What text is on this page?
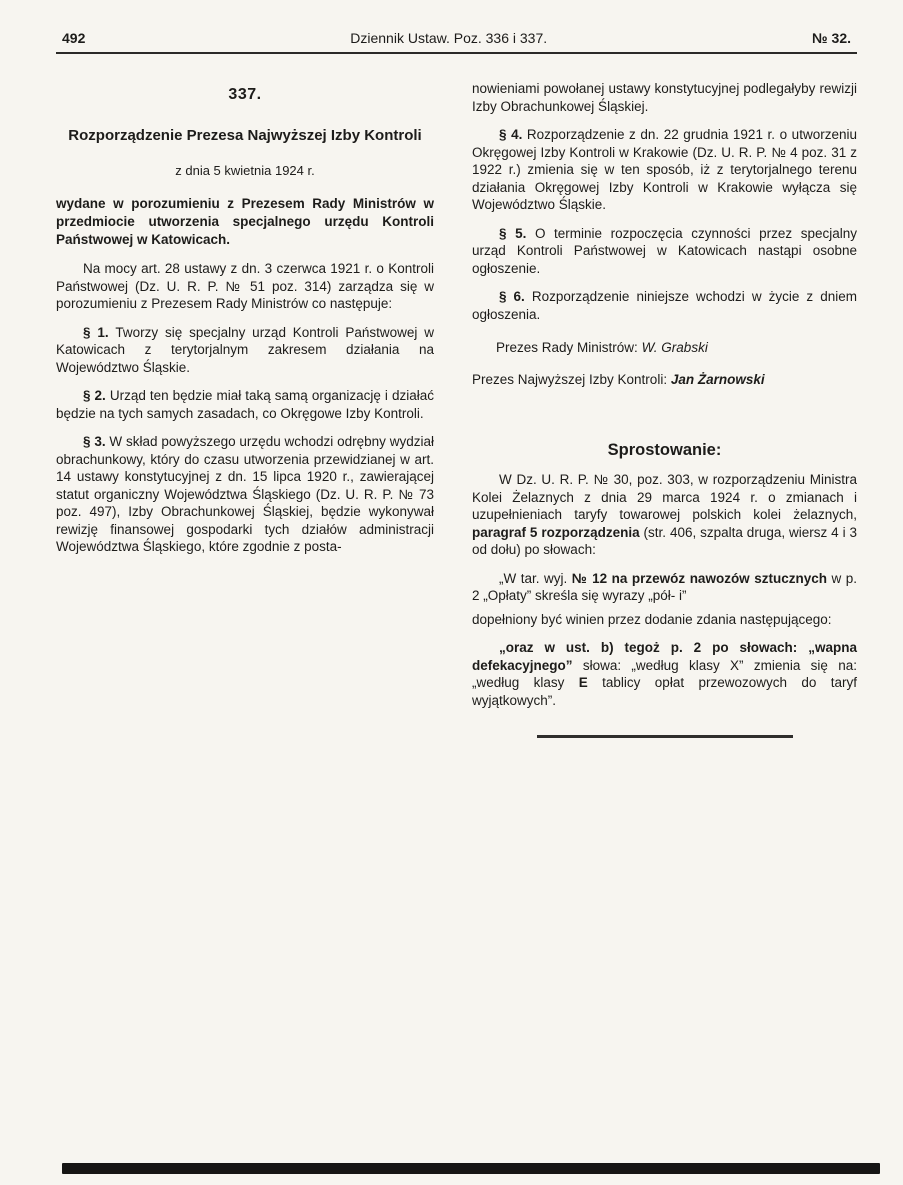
492	Dziennik Ustaw. Poz. 336 i 337.	№ 32.
337.
Rozporządzenie Prezesa Najwyższej Izby Kontroli
z dnia 5 kwietnia 1924 r.
wydane w porozumieniu z Prezesem Rady Ministrów w przedmiocie utworzenia specjalnego urzędu Kontroli Państwowej w Katowicach.

Na mocy art. 28 ustawy z dn. 3 czerwca 1921 r. o Kontroli Państwowej (Dz. U. R. P. № 51 poz. 314) zarządza się w porozumieniu z Prezesem Rady Ministrów co następuje:

§ 1. Tworzy się specjalny urząd Kontroli Państwowej w Katowicach z terytorjalnym zakresem działania na Województwo Śląskie.

§ 2. Urząd ten będzie miał taką samą organizację i działać będzie na tych samych zasadach, co Okręgowe Izby Kontroli.

§ 3. W skład powyższego urzędu wchodzi odrębny wydział obrachunkowy, który do czasu utworzenia przewidzianej w art. 14 ustawy konstytucyjnej z dn. 15 lipca 1920 r., zawierającej statut organiczny Województwa Śląskiego (Dz. U. R. P. № 73 poz. 497), Izby Obrachunkowej Śląskiej, będzie wykonywał rewizję finansowej gospodarki tych działów administracji Województwa Śląskiego, które zgodnie z posta-

nowieniami powołanej ustawy konstytucyjnej podlegałyby rewizji Izby Obrachunkowej Śląskiej.

§ 4. Rozporządzenie z dn. 22 grudnia 1921 r. o utworzeniu Okręgowej Izby Kontroli w Krakowie (Dz. U. R. P. № 4 poz. 31 z 1922 r.) zmienia się w ten sposób, iż z terytorjalnego terenu działania Okręgowej Izby Kontroli w Krakowie wyłącza się Województwo Śląskie.

§ 5. O terminie rozpoczęcia czynności przez specjalny urząd Kontroli Państwowej w Katowicach nastąpi osobne ogłoszenie.

§ 6. Rozporządzenie niniejsze wchodzi w życie z dniem ogłoszenia.

Prezes Rady Ministrów: W. Grabski

Prezes Najwyższej Izby Kontroli: Jan Żarnowski

Sprostowanie:

W Dz. U. R. P. № 30, poz. 303, w rozporządzeniu Ministra Kolei Żelaznych z dnia 29 marca 1924 r. o zmianach i uzupełnieniach taryfy towarowej polskich kolei żelaznych, paragraf 5 rozporządzenia (str. 406, szpalta druga, wiersz 4 i 3 od dołu) po słowach:

„W tar. wyj. № 12 na przewóz nawozów sztucznych w p. 2 „Opłaty” skreśla się wyrazy „pół- i”

dopełniony być winien przez dodanie zdania następującego:

„oraz w ust. b) tegoż p. 2 po słowach: „wapna defekacyjnego” słowa: „według klasy X” zmienia się na: „według klasy E tablicy opłat przewozowych do taryf wyjątkowych”.
